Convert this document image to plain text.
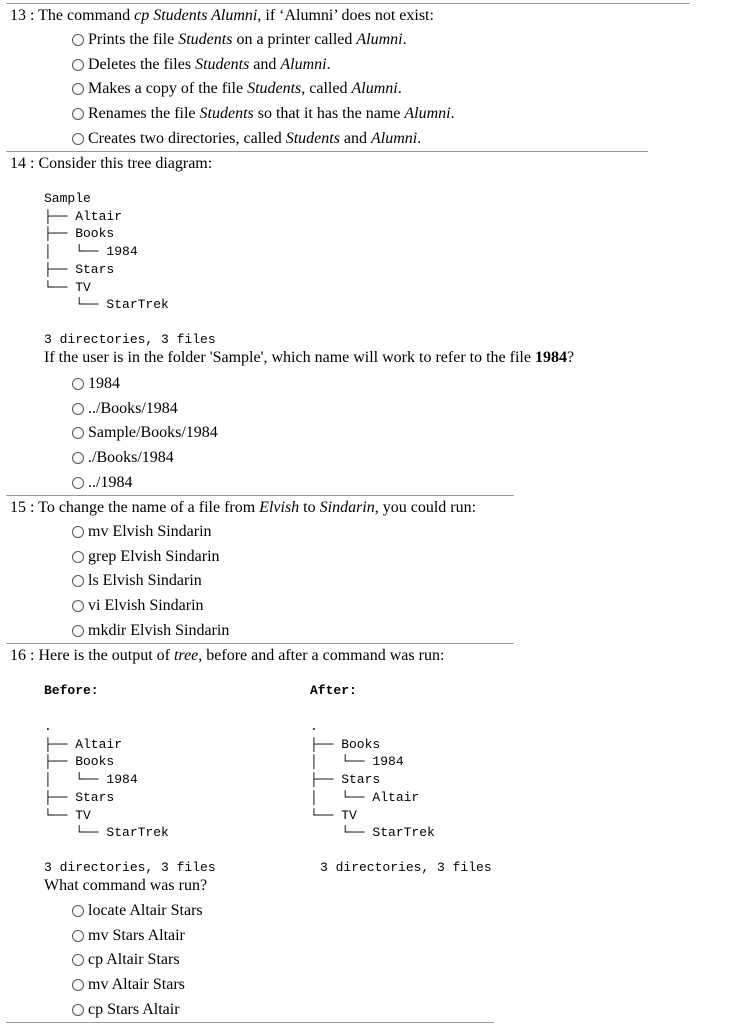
13 : The command cp Students Alumni, if ‘Alumni’ does not exist:
Prints the file Students on a printer called Alumni.
Deletes the files Students and Alumni.
Makes a copy of the file Students, called Alumni.
Renames the file Students so that it has the name Alumni.
Creates two directories, called Students and Alumni.
14 : Consider this tree diagram:
Sample
├── Altair
├── Books
│   └── 1984
├── Stars
└── TV
└── StarTrek
3 directories, 3 files
If the user is in the folder 'Sample', which name will work to refer to the file 1984?
1984
../Books/1984
Sample/Books/1984
./Books/1984
../1984
15 : To change the name of a file from Elvish to Sindarin, you could run:
mv Elvish Sindarin
grep Elvish Sindarin
ls Elvish Sindarin
vi Elvish Sindarin
mkdir Elvish Sindarin
16 : Here is the output of tree, before and after a command was run:
Before:	After:
.
├── Altair
├── Books
│   └── 1984
├── Stars
└── TV
└── StarTrek
.
├── Books
│   └── 1984
├── Stars
│   └── Altair
└── TV
└── StarTrek
3 directories, 3 files	3 directories, 3 files
What command was run?
locate Altair Stars
mv Stars Altair
cp Altair Stars
mv Altair Stars
cp Stars Altair
